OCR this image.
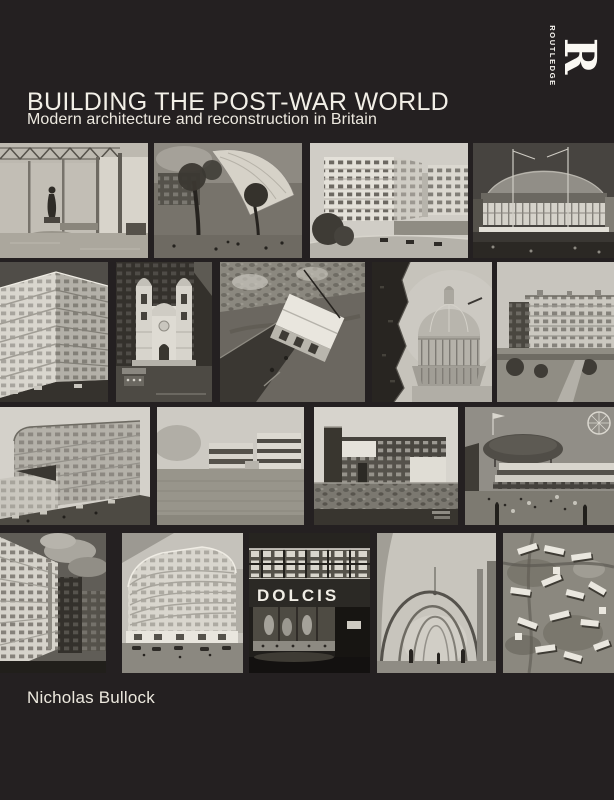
R
ROUTLEDGE
BUILDING THE POST-WAR WORLD

Modern architecture and reconstruction in Britain

Nicholas Bullock

DOLCIS
